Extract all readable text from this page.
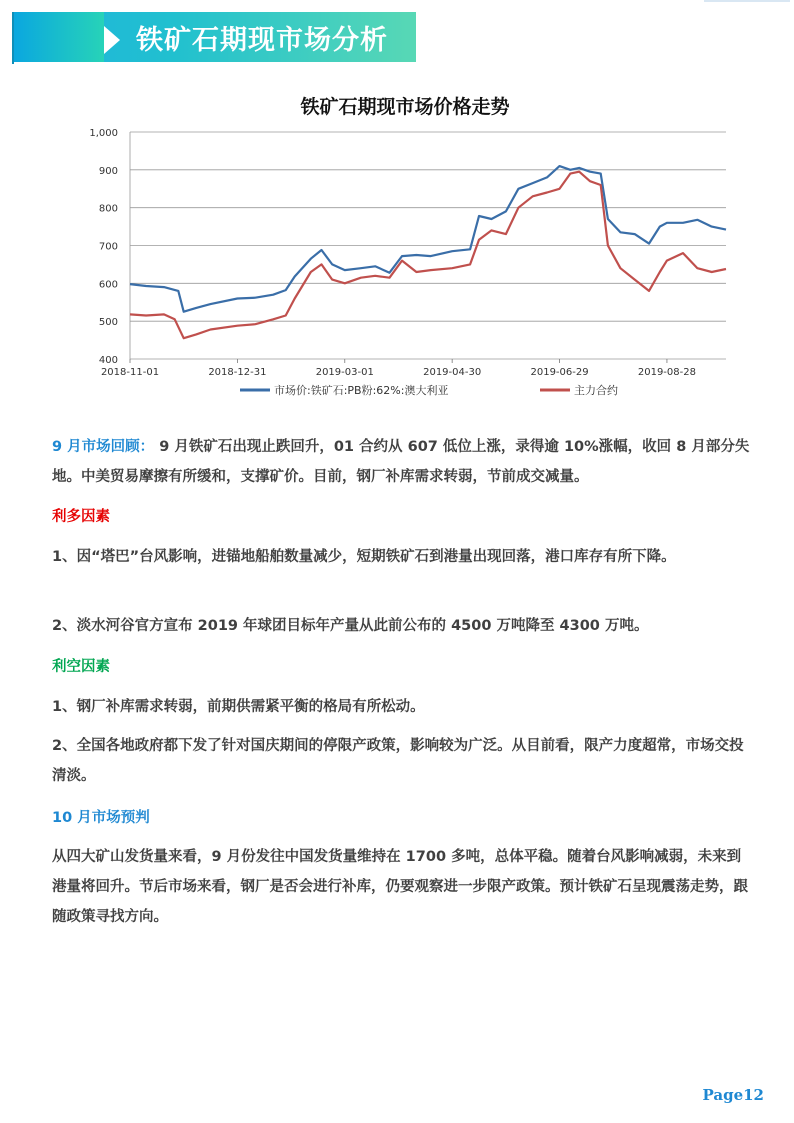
铁矿石期现市场分析
铁矿石期现市场价格走势
1,000
900
800
700
600
500
400
2018-11-01	2018-12-31	2019-03-01	2019-04-30	2019-06-29	2019-08-28
市场价:铁矿石:PB粉:62%:澳大利亚	主力合约

9 月市场回顾： 9 月铁矿石出现止跌回升，01 合约从 607 低位上涨，录得逾 10%涨幅，收回 8 月部分失地。中美贸易摩擦有所缓和，支撑矿价。目前，钢厂补库需求转弱，节前成交减量。

利多因素

1、因“塔巴”台风影响，进锚地船舶数量减少，短期铁矿石到港量出现回落，港口库存有所下降。

2、淡水河谷官方宣布 2019 年球团目标年产量从此前公布的 4500 万吨降至 4300 万吨。

利空因素

1、钢厂补库需求转弱，前期供需紧平衡的格局有所松动。

2、全国各地政府都下发了针对国庆期间的停限产政策，影响较为广泛。从目前看，限产力度超常，市场交投清淡。

10 月市场预判

从四大矿山发货量来看，9 月份发往中国发货量维持在 1700 多吨，总体平稳。随着台风影响减弱，未来到港量将回升。节后市场来看，钢厂是否会进行补库，仍要观察进一步限产政策。预计铁矿石呈现震荡走势，跟随政策寻找方向。

Page12
